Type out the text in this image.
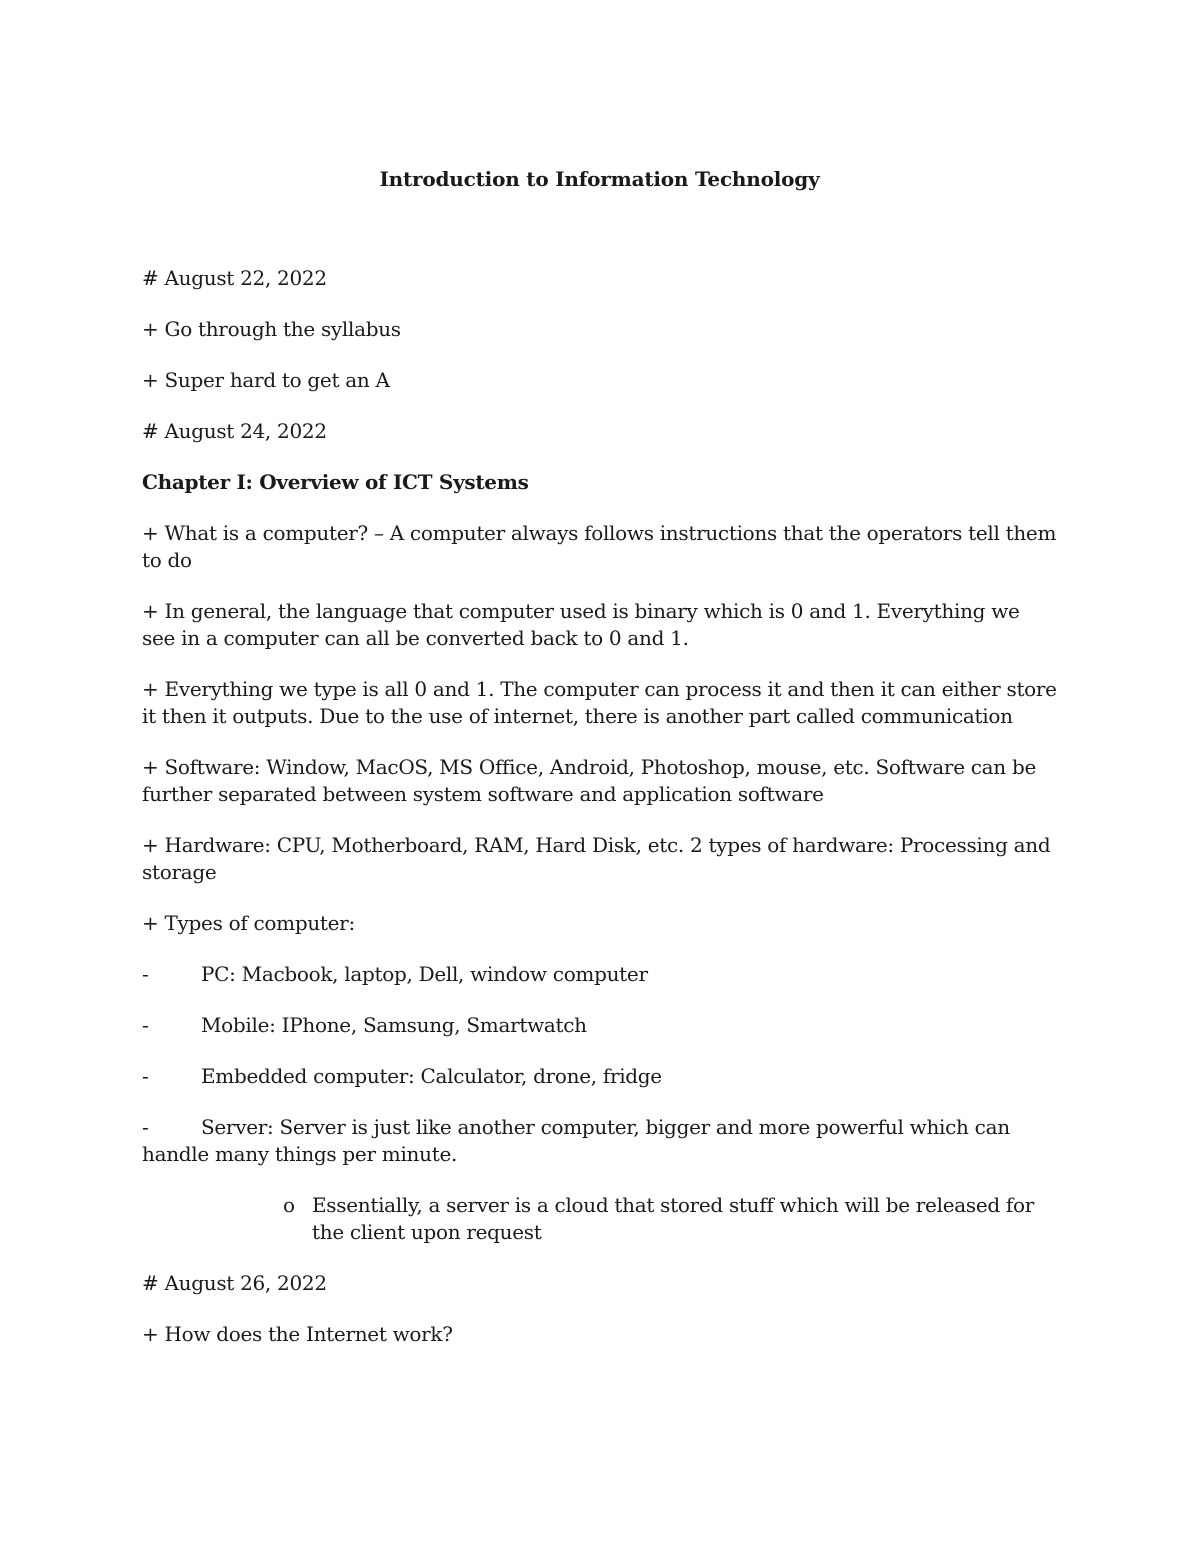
Introduction to Information Technology
# August 22, 2022
+ Go through the syllabus
+ Super hard to get an A
# August 24, 2022
Chapter I: Overview of ICT Systems
+ What is a computer? – A computer always follows instructions that the operators tell them to do
+ In general, the language that computer used is binary which is 0 and 1. Everything we see in a computer can all be converted back to 0 and 1.
+ Everything we type is all 0 and 1. The computer can process it and then it can either store it then it outputs. Due to the use of internet, there is another part called communication
+ Software: Window, MacOS, MS Office, Android, Photoshop, mouse, etc. Software can be further separated between system software and application software
+ Hardware: CPU, Motherboard, RAM, Hard Disk, etc. 2 types of hardware: Processing and storage
+ Types of computer:
-	PC: Macbook, laptop, Dell, window computer
-	Mobile: IPhone, Samsung, Smartwatch
-	Embedded computer: Calculator, drone, fridge
-	Server: Server is just like another computer, bigger and more powerful which can handle many things per minute.
o Essentially, a server is a cloud that stored stuff which will be released for the client upon request
# August 26, 2022
+ How does the Internet work?
